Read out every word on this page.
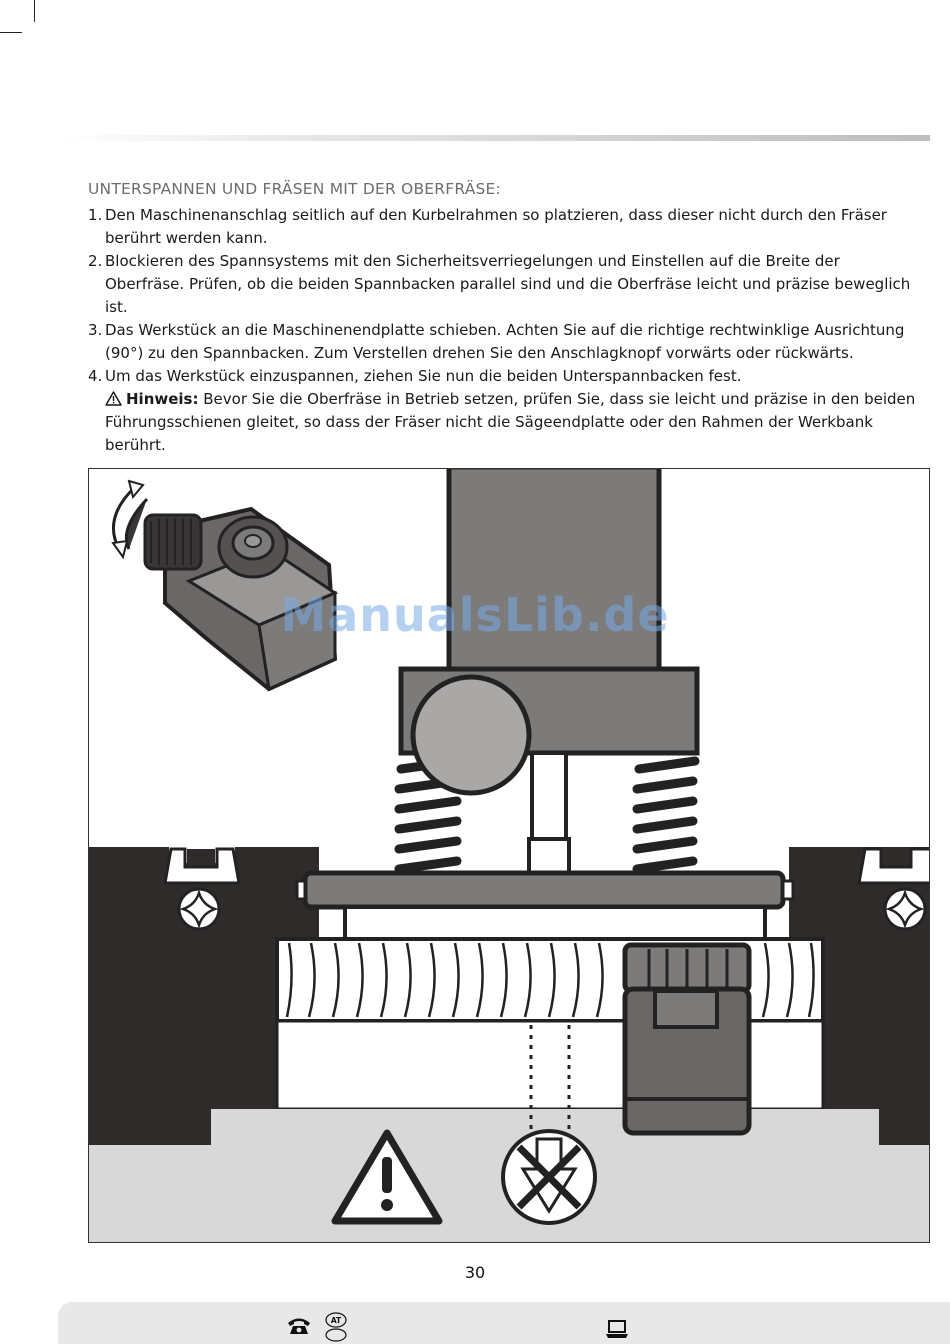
UNTERSPANNEN UND FRÄSEN MIT DER OBERFRÄSE:
1. Den Maschinenanschlag seitlich auf den Kurbelrahmen so platzieren, dass dieser nicht durch den Fräser berührt werden kann.
2. Blockieren des Spannsystems mit den Sicherheitsverriegelungen und Einstellen auf die Breite der Oberfräse. Prüfen, ob die beiden Spannbacken parallel sind und die Oberfräse leicht und präzise beweglich ist.
3. Das Werkstück an die Maschinenendplatte schieben. Achten Sie auf die richtige rechtwinklige Ausrichtung (90°) zu den Spannbacken. Zum Verstellen drehen Sie den Anschlagknopf vorwärts oder rückwärts.
4. Um das Werkstück einzuspannen, ziehen Sie nun die beiden Unterspannbacken fest.
Hinweis: Bevor Sie die Oberfräse in Betrieb setzen, prüfen Sie, dass sie leicht und präzise in den beiden Führungsschienen gleitet, so dass der Fräser nicht die Sägeendplatte oder den Rahmen der Werkbank berührt.
ManualsLib.de
30
AT
